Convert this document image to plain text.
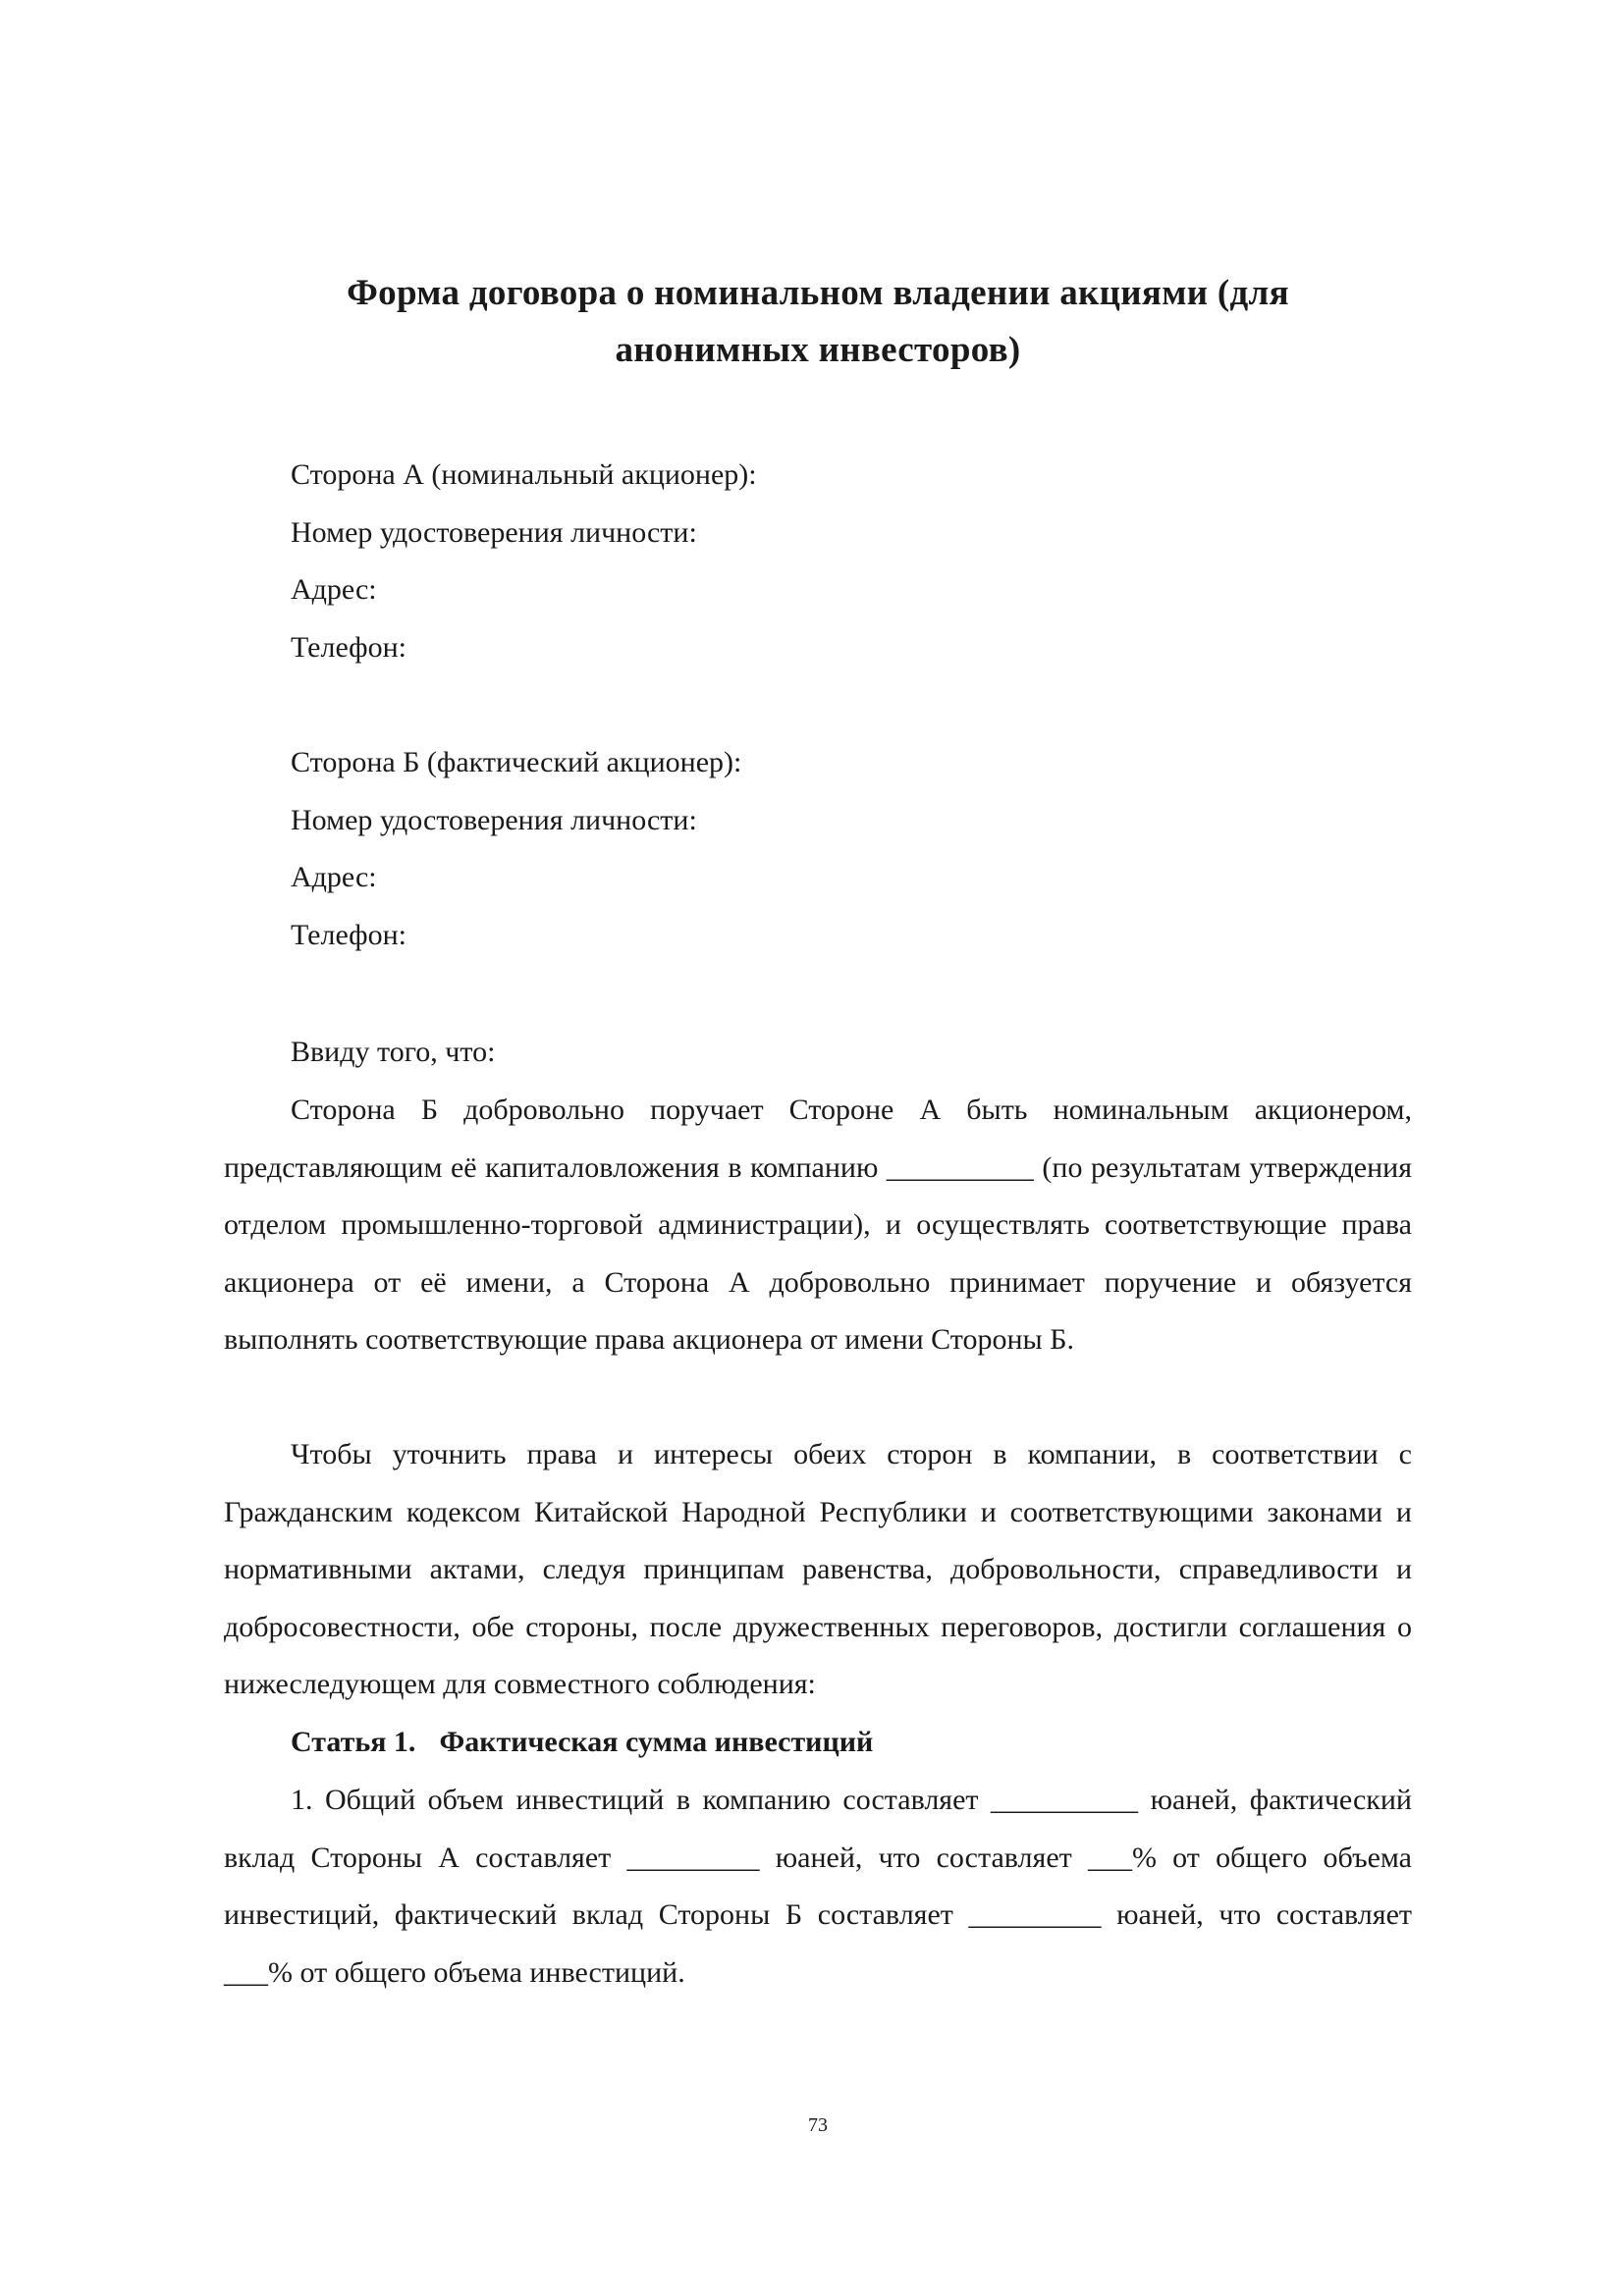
Форма договора о номинальном владении акциями (для
анонимных инвесторов)
Сторона А (номинальный акционер):
Номер удостоверения личности:
Адрес:
Телефон:
Сторона Б (фактический акционер):
Номер удостоверения личности:
Адрес:
Телефон:
Ввиду того, что:

Сторона Б добровольно поручает Стороне А быть номинальным акционером, представляющим её капиталовложения в компанию __________ (по результатам утверждения отделом промышленно-торговой администрации), и осуществлять соответствующие права акционера от её имени, а Сторона А добровольно принимает поручение и обязуется выполнять соответствующие права акционера от имени Стороны Б.

Чтобы уточнить права и интересы обеих сторон в компании, в соответствии с Гражданским кодексом Китайской Народной Республики и соответствующими законами и нормативными актами, следуя принципам равенства, добровольности, справедливости и добросовестности, обе стороны, после дружественных переговоров, достигли соглашения о нижеследующем для совместного соблюдения:

Статья 1. Фактическая сумма инвестиций

1. Общий объем инвестиций в компанию составляет __________ юаней, фактический вклад Стороны А составляет _________ юаней, что составляет ___% от общего объема инвестиций, фактический вклад Стороны Б составляет _________ юаней, что составляет ___% от общего объема инвестиций.

73
